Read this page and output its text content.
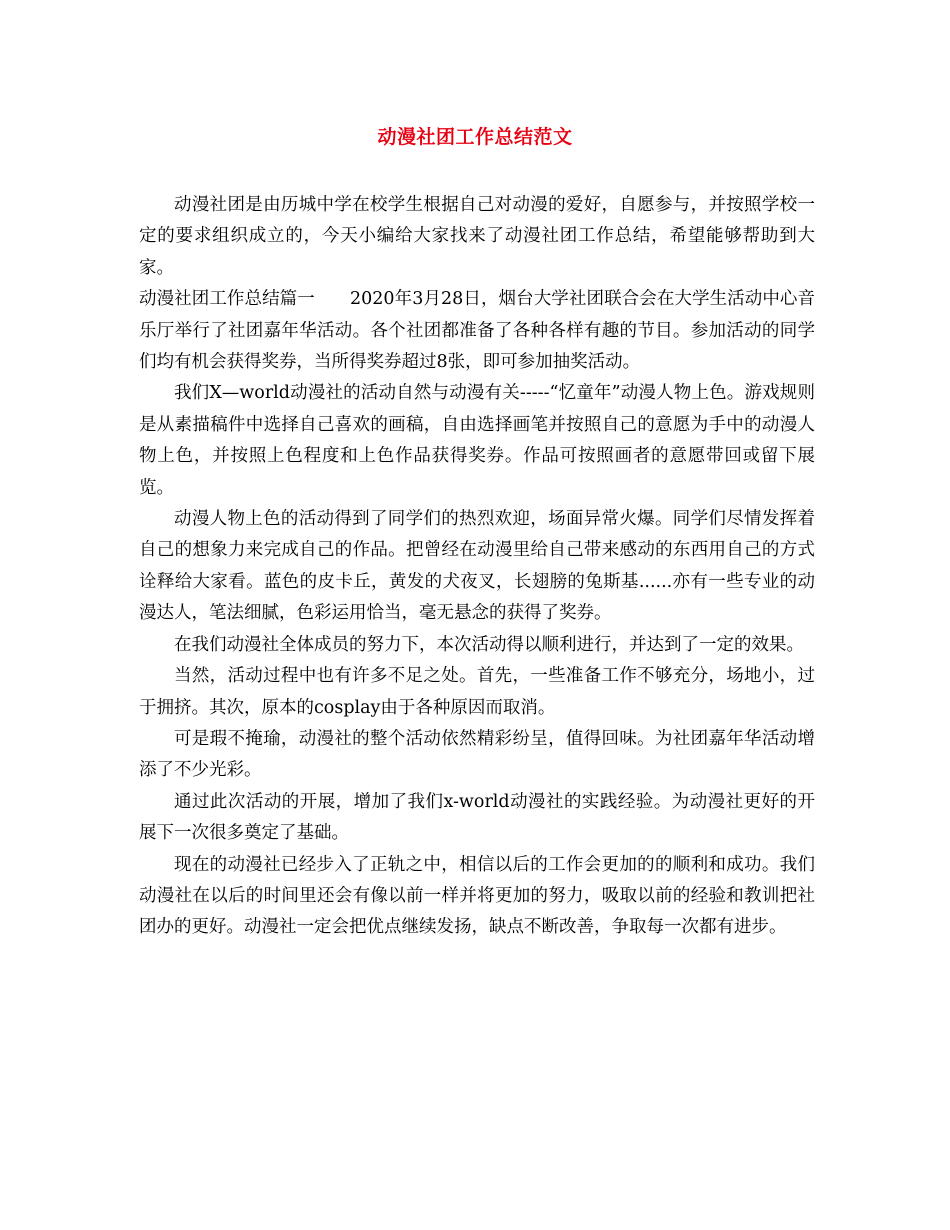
动漫社团工作总结范文

动漫社团是由历城中学在校学生根据自己对动漫的爱好，自愿参与，并按照学校一定的要求组织成立的，今天小编给大家找来了动漫社团工作总结，希望能够帮助到大家。

动漫社团工作总结篇一　　2020年3月28日，烟台大学社团联合会在大学生活动中心音乐厅举行了社团嘉年华活动。各个社团都准备了各种各样有趣的节目。参加活动的同学们均有机会获得奖券，当所得奖券超过8张，即可参加抽奖活动。

我们X—world动漫社的活动自然与动漫有关-----“忆童年”动漫人物上色。游戏规则是从素描稿件中选择自己喜欢的画稿，自由选择画笔并按照自己的意愿为手中的动漫人物上色，并按照上色程度和上色作品获得奖券。作品可按照画者的意愿带回或留下展览。

动漫人物上色的活动得到了同学们的热烈欢迎，场面异常火爆。同学们尽情发挥着自己的想象力来完成自己的作品。把曾经在动漫里给自己带来感动的东西用自己的方式诠释给大家看。蓝色的皮卡丘，黄发的犬夜叉，长翅膀的兔斯基......亦有一些专业的动漫达人，笔法细腻，色彩运用恰当，毫无悬念的获得了奖券。

在我们动漫社全体成员的努力下，本次活动得以顺利进行，并达到了一定的效果。

当然，活动过程中也有许多不足之处。首先，一些准备工作不够充分，场地小，过于拥挤。其次，原本的cosplay由于各种原因而取消。

可是瑕不掩瑜，动漫社的整个活动依然精彩纷呈，值得回味。为社团嘉年华活动增添了不少光彩。

通过此次活动的开展，增加了我们x-world动漫社的实践经验。为动漫社更好的开展下一次很多奠定了基础。

现在的动漫社已经步入了正轨之中，相信以后的工作会更加的的顺利和成功。我们动漫社在以后的时间里还会有像以前一样并将更加的努力，吸取以前的经验和教训把社团办的更好。动漫社一定会把优点继续发扬，缺点不断改善，争取每一次都有进步。
